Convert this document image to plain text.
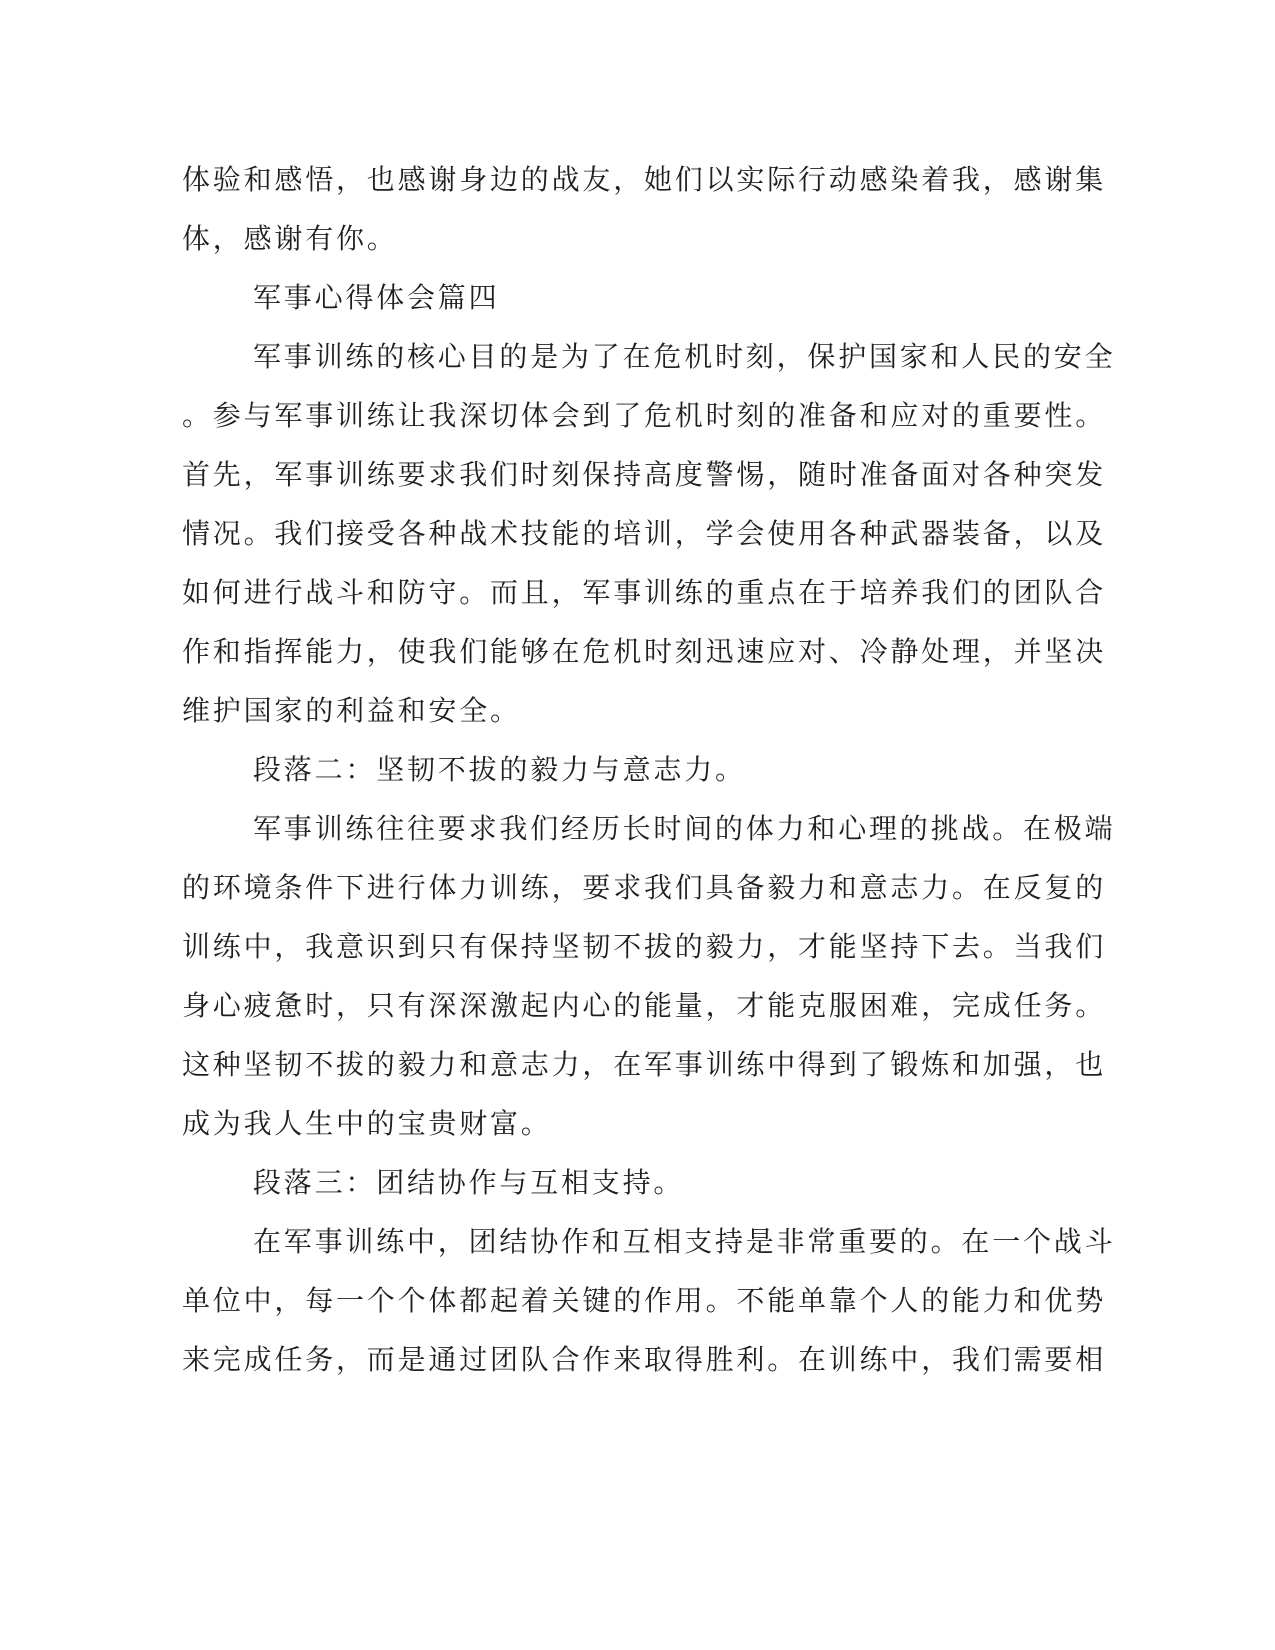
体验和感悟，也感谢身边的战友，她们以实际行动感染着我，感谢集
体，感谢有你。
军事心得体会篇四
军事训练的核心目的是为了在危机时刻，保护国家和人民的安全
。参与军事训练让我深切体会到了危机时刻的准备和应对的重要性。
首先，军事训练要求我们时刻保持高度警惕，随时准备面对各种突发
情况。我们接受各种战术技能的培训，学会使用各种武器装备，以及
如何进行战斗和防守。而且，军事训练的重点在于培养我们的团队合
作和指挥能力，使我们能够在危机时刻迅速应对、冷静处理，并坚决
维护国家的利益和安全。
段落二：坚韧不拔的毅力与意志力。
军事训练往往要求我们经历长时间的体力和心理的挑战。在极端
的环境条件下进行体力训练，要求我们具备毅力和意志力。在反复的
训练中，我意识到只有保持坚韧不拔的毅力，才能坚持下去。当我们
身心疲惫时，只有深深激起内心的能量，才能克服困难，完成任务。
这种坚韧不拔的毅力和意志力，在军事训练中得到了锻炼和加强，也
成为我人生中的宝贵财富。
段落三：团结协作与互相支持。
在军事训练中，团结协作和互相支持是非常重要的。在一个战斗
单位中，每一个个体都起着关键的作用。不能单靠个人的能力和优势
来完成任务，而是通过团队合作来取得胜利。在训练中，我们需要相
